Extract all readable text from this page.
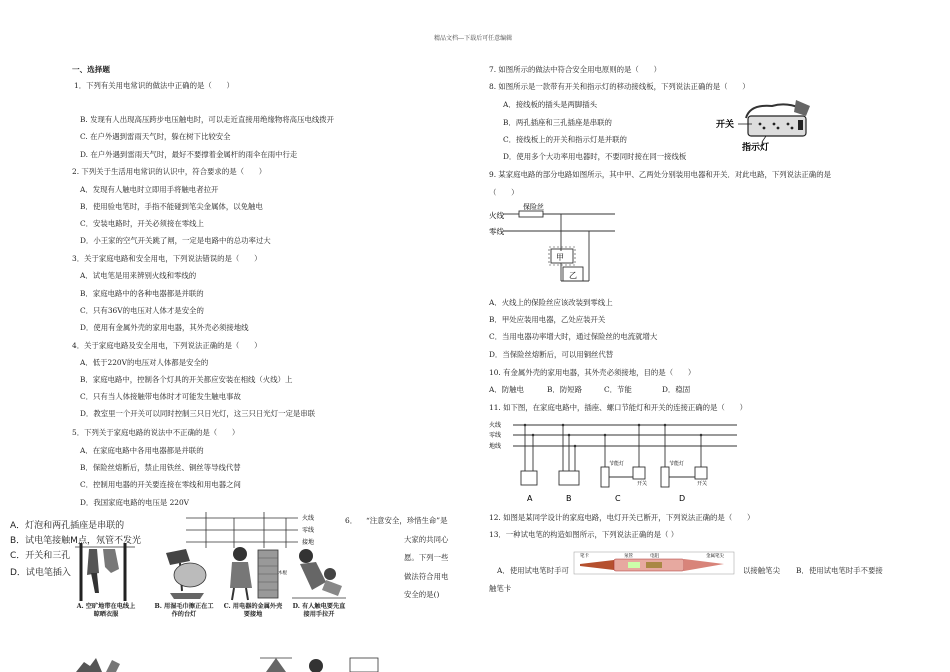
精品文档---下载后可任意编辑
一、选择题
1．下列有关用电常识的做法中正确的是（　　）
B. 发现有人出现高压跨步电压触电时，可以走近直接用绝缘物将高压电线拨开
C. 在户外遇到雷雨天气时，躲在树下比较安全
D. 在户外遇到雷雨天气时，最好不要撑着金属杆的雨伞在雨中行走
2. 下列关于生活用电常识的认识中，符合要求的是（　　）
A．发现有人触电时立即用手将触电者拉开
B．使用验电笔时，手指不能碰到笔尖金属体，以免触电
C．安装电路时，开关必须接在零线上
D．小王家的空气开关跳了闸，一定是电路中的总功率过大
3．关于家庭电路和安全用电，下列说法错误的是（　　）
A．试电笔是用来辨别火线和零线的
B．家庭电路中的各种电器都是并联的
C．只有36V的电压对人体才是安全的
D．使用有金属外壳的家用电器，其外壳必须接地线
4．关于家庭电路及安全用电，下列说法正确的是（　　）
A．低于220V的电压对人体都是安全的
B．家庭电路中，控制各个灯具的开关都应安装在相线（火线）上
C．只有当人体接触带电体时才可能发生触电事故
D．教室里一个开关可以同时控制三只日光灯，这三只日光灯一定是串联
5．下列关于家庭电路的说法中不正确的是（　　）
A．在家庭电路中各用电器都是并联的
B．保险丝熔断后，禁止用铁丝、铜丝等导线代替
C．控制用电器的开关要连接在零线和用电器之间
D．我国家庭电路的电压是 220V
A．灯泡和两孔插座是串联的
B．试电笔接触M点，氖管不发光
C．开关和三孔
D．试电笔插入
火线
零线
接地
6． “注意安全，珍惜生命”是
大家的共同心
愿。下列一些
做法符合用电
安全的是()
木棍
A. 空旷地带在电线上晾晒衣服
B. 用湿毛巾擦正在工作的台灯
C. 用电器的金属外壳要接地
D. 有人触电要先直接用手拉开
7. 如图所示的做法中符合安全用电原则的是（　　）
8. 如图所示是一款带有开关和指示灯的移动接线板，下列说法正确的是（　　）
A．接线板的插头是两脚插头
B．两孔插座和三孔插座是串联的
C．接线板上的开关和指示灯是并联的
D．使用多个大功率用电器时，不要同时接在同一接线板
开关
指示灯
9. 某家庭电路的部分电路如图所示，其中甲、乙两处分别装用电器和开关．对此电路，下列说法正确的是
（　　）
火线
零线
保险丝
甲
乙
A．火线上的保险丝应该改装到零线上
B．甲处应装用电器，乙处应装开关
C．当用电器功率增大时，通过保险丝的电流就增大
D．当保险丝熔断后，可以用铜丝代替
10. 有金属外壳的家用电器，其外壳必须接地，目的是（　　）
A．防触电	B．防短路	C．节能	D．稳固
11. 如下图，在家庭电路中，插座、螺口节能灯和开关的连接正确的是（　　）
火线
零线
地线
节能灯
开关
节能灯
开关
A	B	C	D
12. 如图是某同学设计的家庭电路，电灯开关已断开，下列说法正确的是（　　）
13．一种试电笔的构造如图所示，下列说法正确的是（ ）
笔卡	氖管	电阻	金属笔尖
A．使用试电笔时手可	以接触笔尖 B．使用试电笔时手不要接
触笔卡
